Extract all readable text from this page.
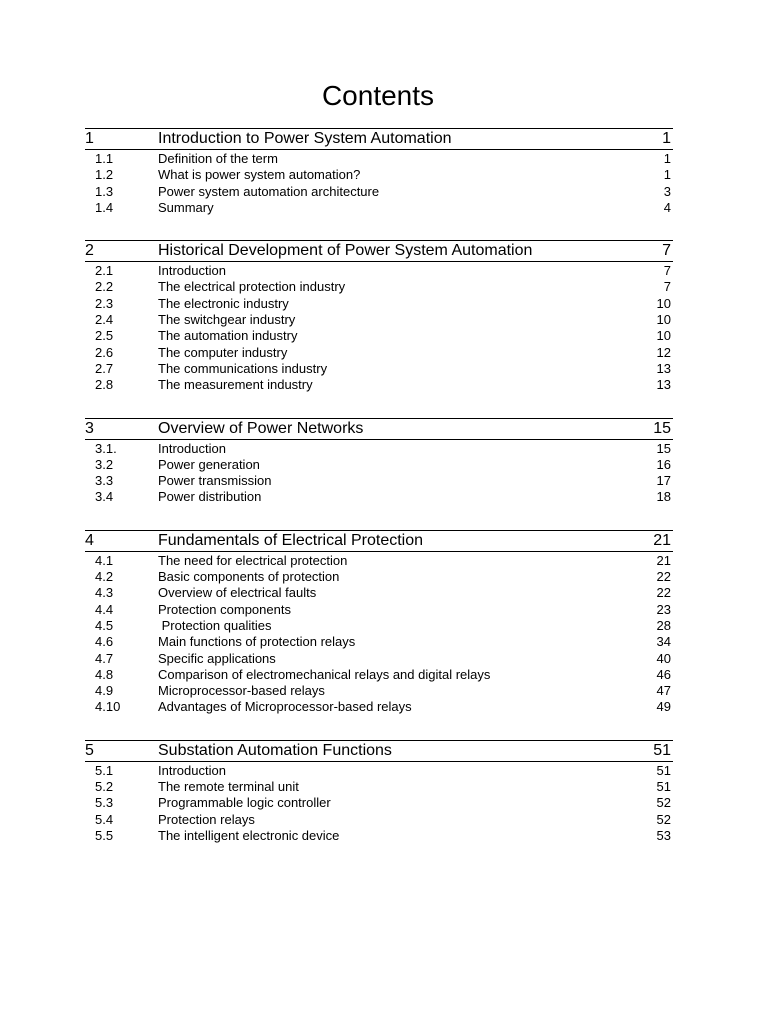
Contents
1	Introduction to Power System Automation	1
1.1	Definition of the term	1
1.2	What is power system automation?	1
1.3	Power system automation architecture	3
1.4	Summary	4
2	Historical Development of Power System Automation	7
2.1	Introduction	7
2.2	The electrical protection industry	7
2.3	The electronic industry	10
2.4	The switchgear industry	10
2.5	The automation industry	10
2.6	The computer industry	12
2.7	The communications industry	13
2.8	The measurement industry	13
3	Overview of Power Networks	15
3.1.	Introduction	15
3.2	Power generation	16
3.3	Power transmission	17
3.4	Power distribution	18
4	Fundamentals of Electrical Protection	21
4.1	The need for electrical protection	21
4.2	Basic components of protection	22
4.3	Overview of electrical faults	22
4.4	Protection components	23
4.5	Protection qualities	28
4.6	Main functions of protection relays	34
4.7	Specific applications	40
4.8	Comparison of electromechanical relays and digital relays	46
4.9	Microprocessor-based relays	47
4.10	Advantages of Microprocessor-based relays	49
5	Substation Automation Functions	51
5.1	Introduction	51
5.2	The remote terminal unit	51
5.3	Programmable logic controller	52
5.4	Protection relays	52
5.5	The intelligent electronic device	53
